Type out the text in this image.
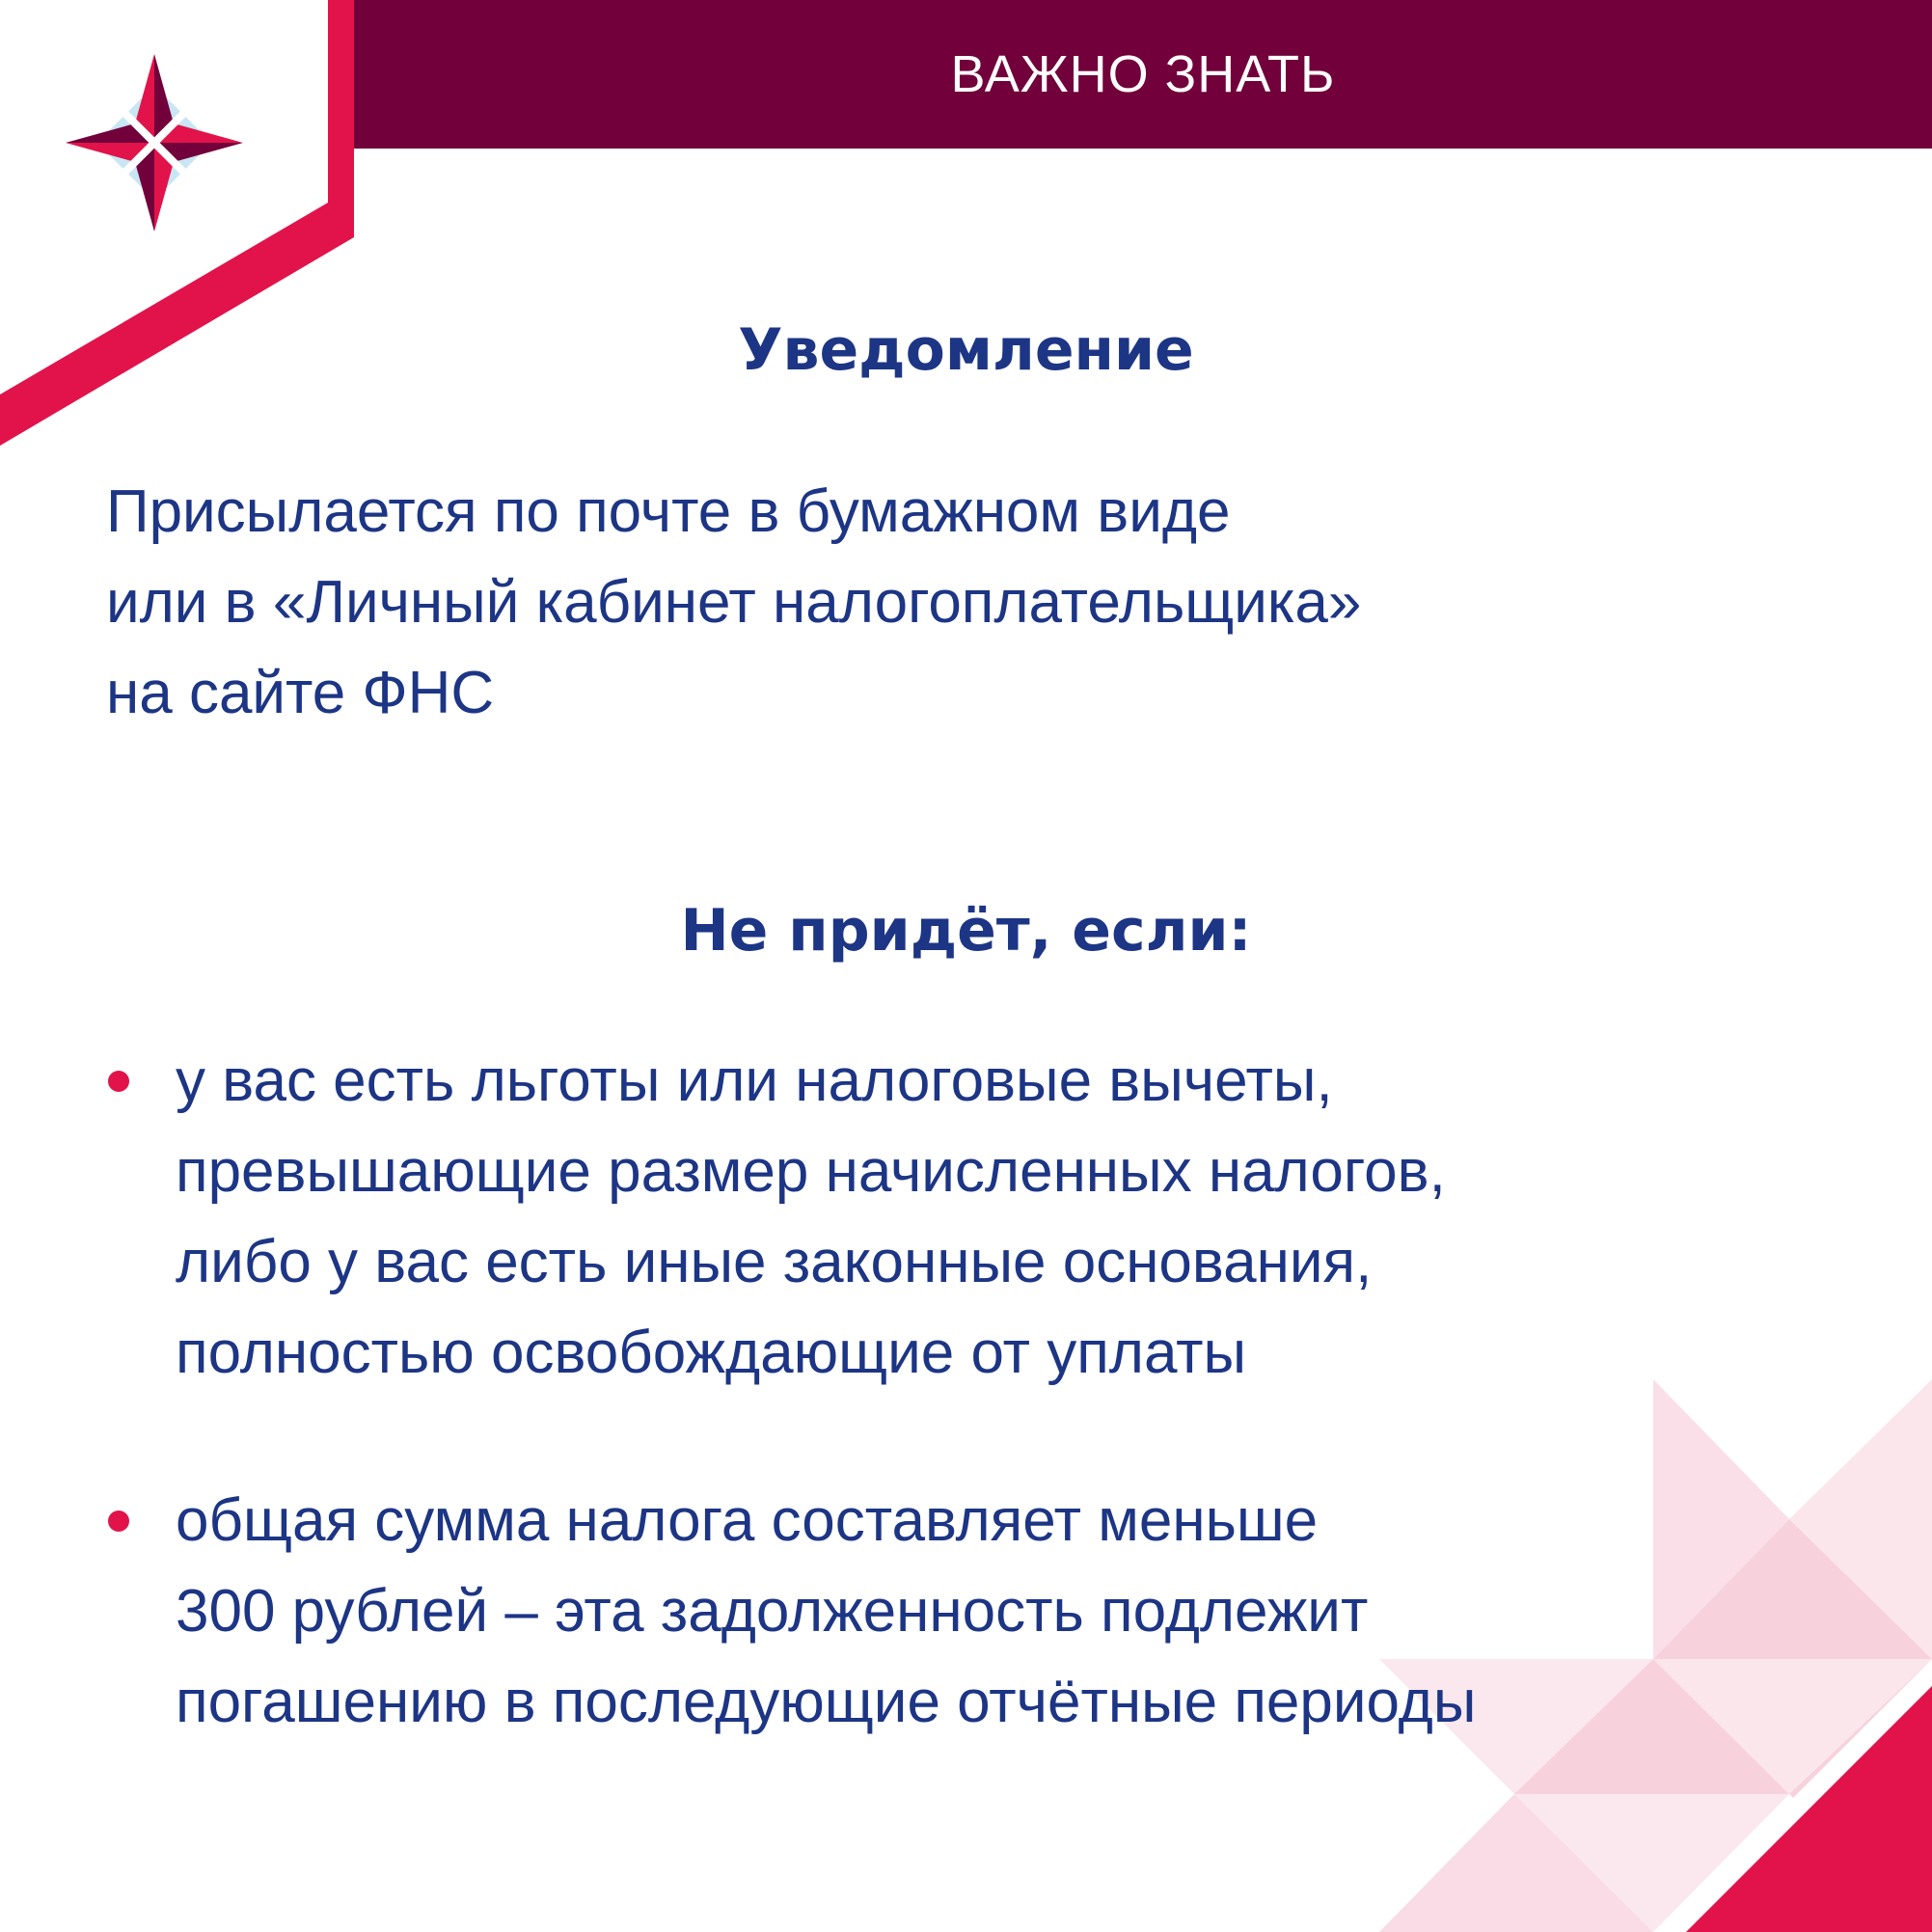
ВАЖНО ЗНАТЬ
Уведомление
Присылается по почте в бумажном виде
или в «Личный кабинет налогоплательщика»
на сайте ФНС
Не придёт, если:
у вас есть льготы или налоговые вычеты,
превышающие размер начисленных налогов,
либо у вас есть иные законные основания,
полностью освобождающие от уплаты
общая сумма налога составляет меньше
300 рублей – эта задолженность подлежит
погашению в последующие отчётные периоды
